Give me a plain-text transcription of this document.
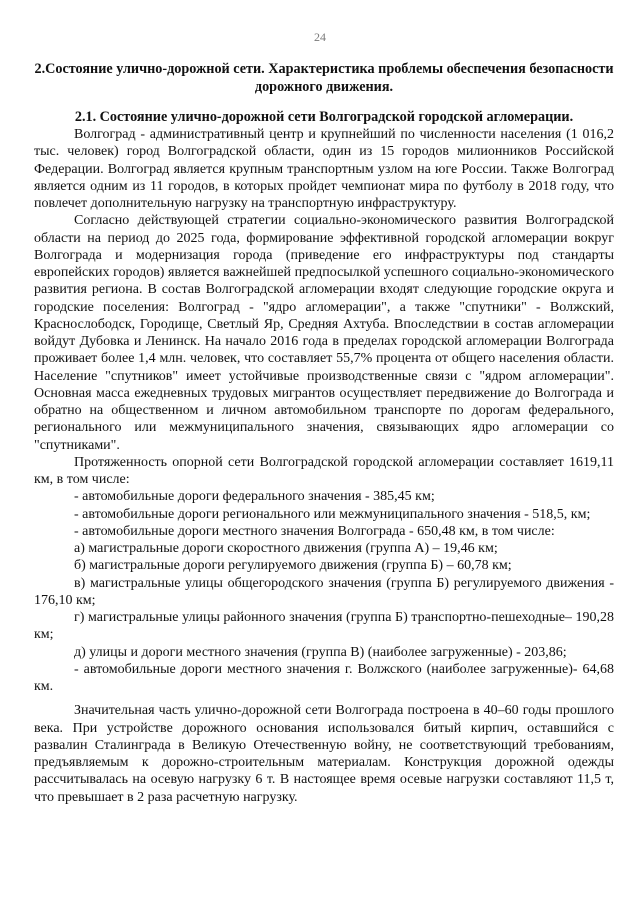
24
2.Состояние улично-дорожной сети. Характеристика проблемы обеспечения безопасности дорожного движения.
2.1. Состояние улично-дорожной сети Волгоградской городской агломерации.

Волгоград - административный центр и крупнейший по численности населения (1 016,2 тыс. человек) город Волгоградской области, один из 15 городов милионников Российской Федерации. Волгоград является крупным транспортным узлом на юге России. Также Волгоград является одним из 11 городов, в которых пройдет чемпионат мира по футболу в 2018 году, что повлечет дополнительную нагрузку на транспортную инфраструктуру.

Согласно действующей стратегии социально-экономического развития Волгоградской области на период до 2025 года, формирование эффективной городской агломерации вокруг Волгограда и модернизация города (приведение его инфраструктуры под стандарты европейских городов) является важнейшей предпосылкой успешного социально-экономического развития региона. В состав Волгоградской агломерации входят следующие городские округа и городские поселения: Волгоград - "ядро агломерации", а также "спутники" - Волжский, Краснослободск, Городище, Светлый Яр, Средняя Ахтуба. Впоследствии в состав агломерации войдут Дубовка и Ленинск. На начало 2016 года в пределах городской агломерации Волгограда проживает более 1,4 млн. человек, что составляет 55,7% процента от общего населения области. Население "спутников" имеет устойчивые производственные связи с "ядром агломерации". Основная масса ежедневных трудовых мигрантов осуществляет передвижение до Волгограда и обратно на общественном и личном автомобильном транспорте по дорогам федерального, регионального или межмуниципального значения, связывающих ядро агломерации со "спутниками".

Протяженность опорной сети Волгоградской городской агломерации составляет 1619,11 км, в том числе:

- автомобильные дороги федерального значения - 385,45 км;

- автомобильные дороги регионального или межмуниципального значения - 518,5, км;

- автомобильные дороги местного значения Волгограда - 650,48 км, в том числе:

а) магистральные дороги скоростного движения (группа А) – 19,46 км;

б) магистральные дороги регулируемого движения (группа Б) – 60,78 км;

в) магистральные улицы общегородского значения (группа Б) регулируемого движения - 176,10 км;

г) магистральные улицы районного значения (группа Б) транспортно-пешеходные– 190,28 км;

д) улицы и дороги местного значения (группа В) (наиболее загруженные) - 203,86;

- автомобильные дороги местного значения г. Волжского (наиболее загруженные)- 64,68 км.

Значительная часть улично-дорожной сети Волгограда построена в 40–60 годы прошлого века. При устройстве дорожного основания использовался битый кирпич, оставшийся с развалин Сталинграда в Великую Отечественную войну, не соответствующий требованиям, предъявляемым к дорожно-строительным материалам. Конструкция дорожной одежды рассчитывалась на осевую нагрузку 6 т. В настоящее время осевые нагрузки составляют 11,5 т, что превышает в 2 раза расчетную нагрузку.
